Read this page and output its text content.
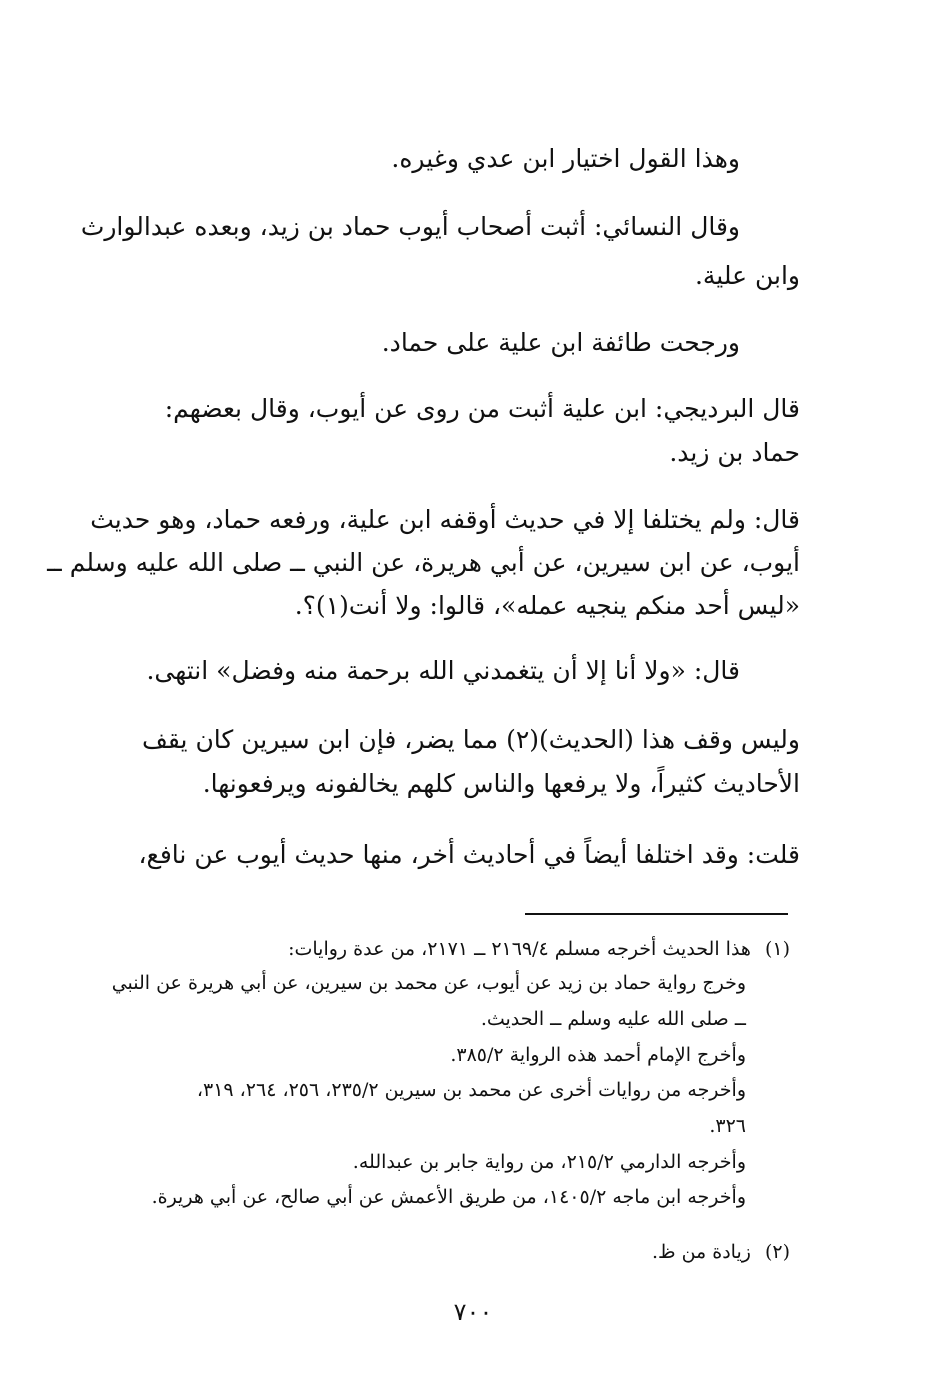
وهذا القول اختيار ابن عدي وغيره.
وقال النسائي: أثبت أصحاب أيوب حماد بن زيد، وبعده عبدالوارث
وابن علية.
ورجحت طائفة ابن علية على حماد.
قال البرديجي: ابن علية أثبت من روى عن أيوب، وقال بعضهم:
حماد بن زيد.
قال: ولم يختلفا إلا في حديث أوقفه ابن علية، ورفعه حماد، وهو حديث
أيوب، عن ابن سيرين، عن أبي هريرة، عن النبي ــ صلى الله عليه وسلم ــ
«ليس أحد منكم ينجيه عمله»، قالوا: ولا أنت(١)؟.
قال: «ولا أنا إلا أن يتغمدني الله برحمة منه وفضل» انتهى.
وليس وقف هذا (الحديث)(٢) مما يضر، فإن ابن سيرين كان يقف
الأحاديث كثيراً، ولا يرفعها والناس كلهم يخالفونه ويرفعونها.
قلت: وقد اختلفا أيضاً في أحاديث أخر، منها حديث أيوب عن نافع،
(١)هذا الحديث أخرجه مسلم ٢١٦٩/٤ ــ ٢١٧١، من عدة روايات:
وخرج رواية حماد بن زيد عن أيوب، عن محمد بن سيرين، عن أبي هريرة عن النبي
ــ صلى الله عليه وسلم ــ الحديث.
وأخرج الإمام أحمد هذه الرواية ٣٨٥/٢.
وأخرجه من روايات أخرى عن محمد بن سيرين ٢٣٥/٢، ٢٥٦، ٢٦٤، ٣١٩،
٣٢٦.
وأخرجه الدارمي ٢١٥/٢، من رواية جابر بن عبدالله.
وأخرجه ابن ماجه ١٤٠٥/٢، من طريق الأعمش عن أبي صالح، عن أبي هريرة.
(٢)زيادة من ظ.
٧٠٠
